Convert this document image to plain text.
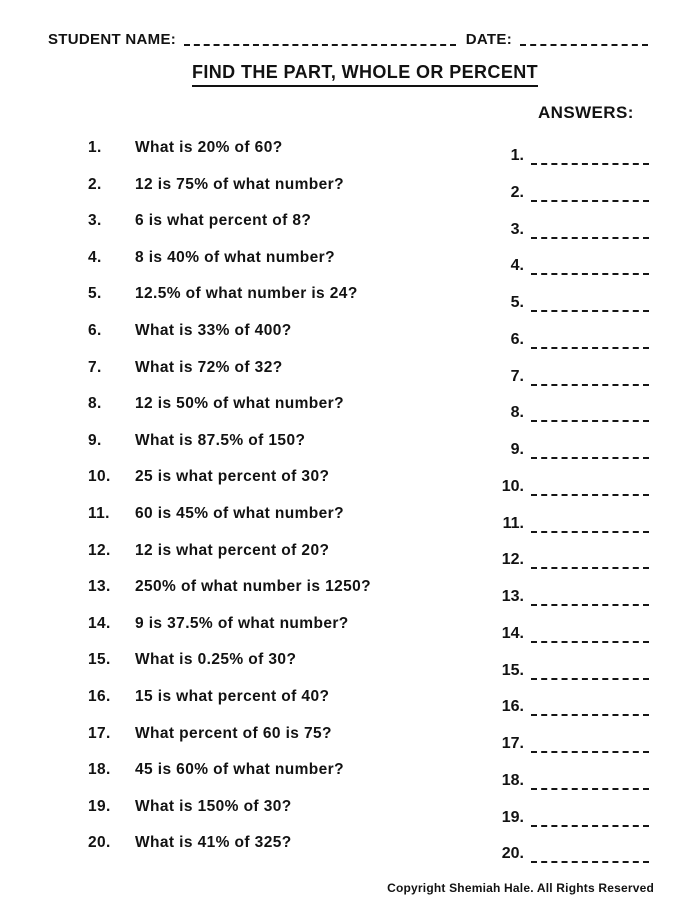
STUDENT NAME:	DATE:
FIND THE PART, WHOLE OR PERCENT
ANSWERS:
1.	What is 20% of 60?
2.	12 is 75% of what number?
3.	6 is what percent of 8?
4.	8 is 40% of what number?
5.	12.5% of what number is 24?
6.	What is 33% of 400?
7.	What is 72% of 32?
8.	12 is 50% of what number?
9.	What is 87.5% of 150?
10.	25 is what percent of 30?
11.	60 is 45% of what number?
12.	12 is what percent of 20?
13.	250% of what number is 1250?
14.	9 is 37.5% of what number?
15.	What is 0.25% of 30?
16.	15 is what percent of 40?
17.	What percent of 60 is 75?
18.	45 is 60% of what number?
19.	What is 150% of 30?
20.	What is 41% of 325?
1.
2.
3.
4.
5.
6.
7.
8.
9.
10.
11.
12.
13.
14.
15.
16.
17.
18.
19.
20.
Copyright Shemiah Hale. All Rights Reserved
